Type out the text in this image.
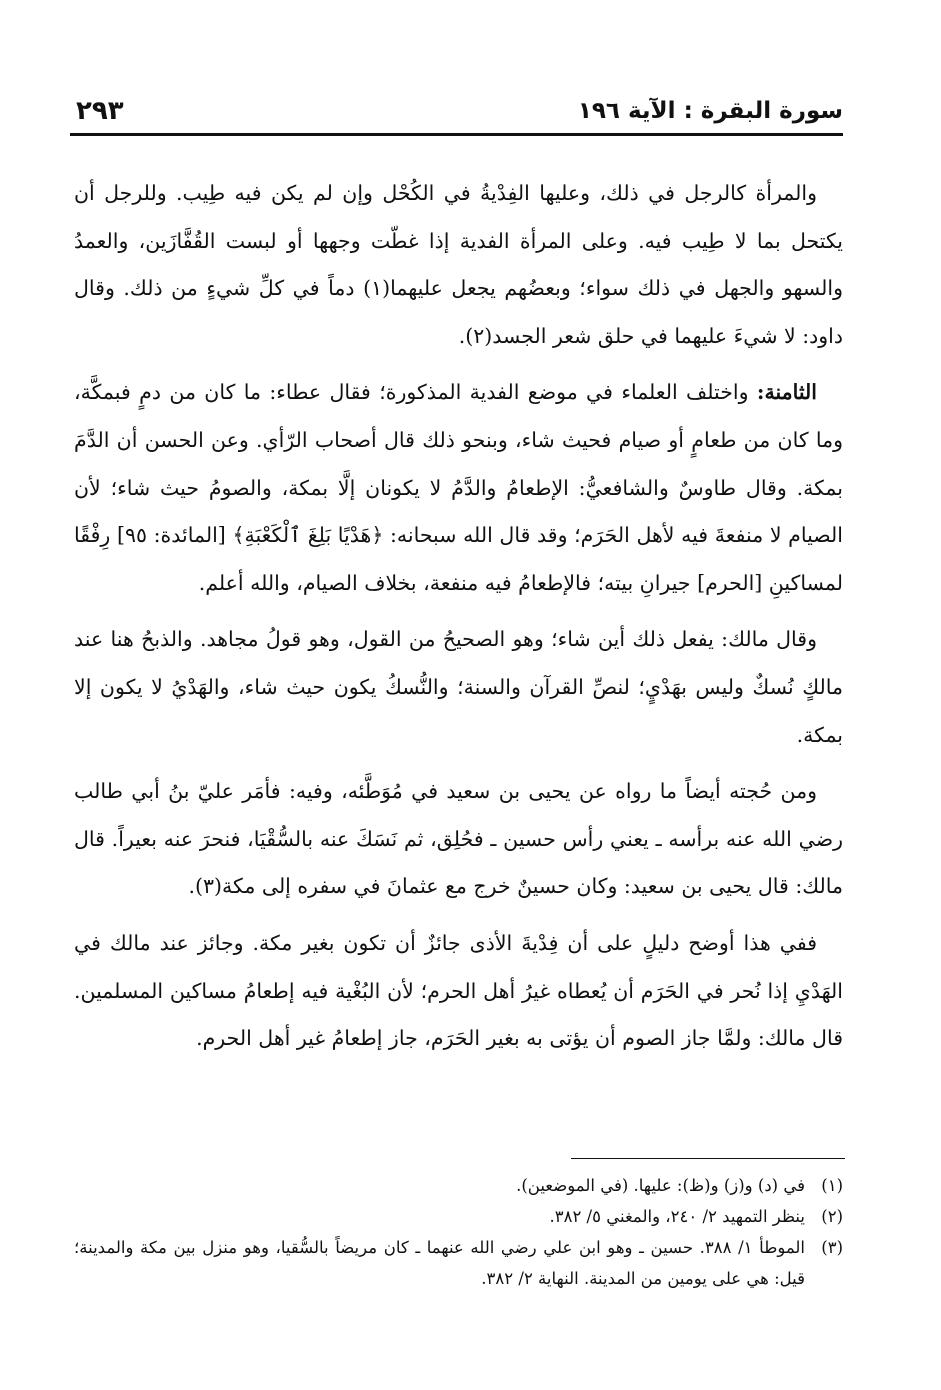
سورة البقرة : الآية ١٩٦
٢٩٣

والمرأة كالرجل في ذلك، وعليها الفِدْيةُ في الكُحْل وإن لم يكن فيه طِيب. وللرجل أن يكتحل بما لا طِيب فيه. وعلى المرأة الفدية إذا غطّت وجهها أو لبست القُفَّازَين، والعمدُ والسهو والجهل في ذلك سواء؛ وبعضُهم يجعل عليهما(١) دماً في كلِّ شيءٍ من ذلك. وقال داود: لا شيءَ عليهما في حلق شعر الجسد(٢).

الثامنة: واختلف العلماء في موضع الفدية المذكورة؛ فقال عطاء: ما كان من دمٍ فبمكَّة، وما كان من طعامٍ أو صيام فحيث شاء، وبنحو ذلك قال أصحاب الرّأي. وعن الحسن أن الدَّمَ بمكة. وقال طاوسٌ والشافعيُّ: الإطعامُ والدَّمُ لا يكونان إلَّا بمكة، والصومُ حيث شاء؛ لأن الصيام لا منفعةَ فيه لأهل الحَرَم؛ وقد قال الله سبحانه: ﴿هَدْيًا بَلِغَ ٱلْكَعْبَةِ﴾ [المائدة: ٩٥] رِفْقًا لمساكينِ [الحرم] جيرانِ بيته؛ فالإطعامُ فيه منفعة، بخلاف الصيام، والله أعلم.

وقال مالك: يفعل ذلك أين شاء؛ وهو الصحيحُ من القول، وهو قولُ مجاهد. والذبحُ هنا عند مالكٍ نُسكٌ وليس بهَدْيٍ؛ لنصِّ القرآن والسنة؛ والنُّسكُ يكون حيث شاء، والهَدْيُ لا يكون إلا بمكة.

ومن حُجته أيضاً ما رواه عن يحيى بن سعيد في مُوَطَّئه، وفيه: فأمَر عليّ بنُ أبي طالب رضي الله عنه برأسه ـ يعني رأس حسين ـ فحُلِق، ثم نَسَكَ عنه بالسُّقْيَا، فنحرَ عنه بعيراً. قال مالك: قال يحيى بن سعيد: وكان حسينٌ خرج مع عثمانَ في سفره إلى مكة(٣).

ففي هذا أوضح دليلٍ على أن فِدْيةَ الأذى جائزٌ أن تكون بغير مكة. وجائز عند مالك في الهَدْيِ إذا نُحر في الحَرَم أن يُعطاه غيرُ أهل الحرم؛ لأن البُغْية فيه إطعامُ مساكين المسلمين. قال مالك: ولمَّا جاز الصوم أن يؤتى به بغير الحَرَم، جاز إطعامُ غير أهل الحرم.

(١)
في (د) و(ز) و(ظ): عليها. (في الموضعين).
(٢)
ينظر التمهيد ٢/ ٢٤٠، والمغني ٥/ ٣٨٢.
(٣)
الموطأ ١/ ٣٨٨. حسين ـ وهو ابن علي رضي الله عنهما ـ كان مريضاً بالسُّقيا، وهو منزل بين مكة والمدينة؛ قيل: هي على يومين من المدينة. النهاية ٢/ ٣٨٢.
